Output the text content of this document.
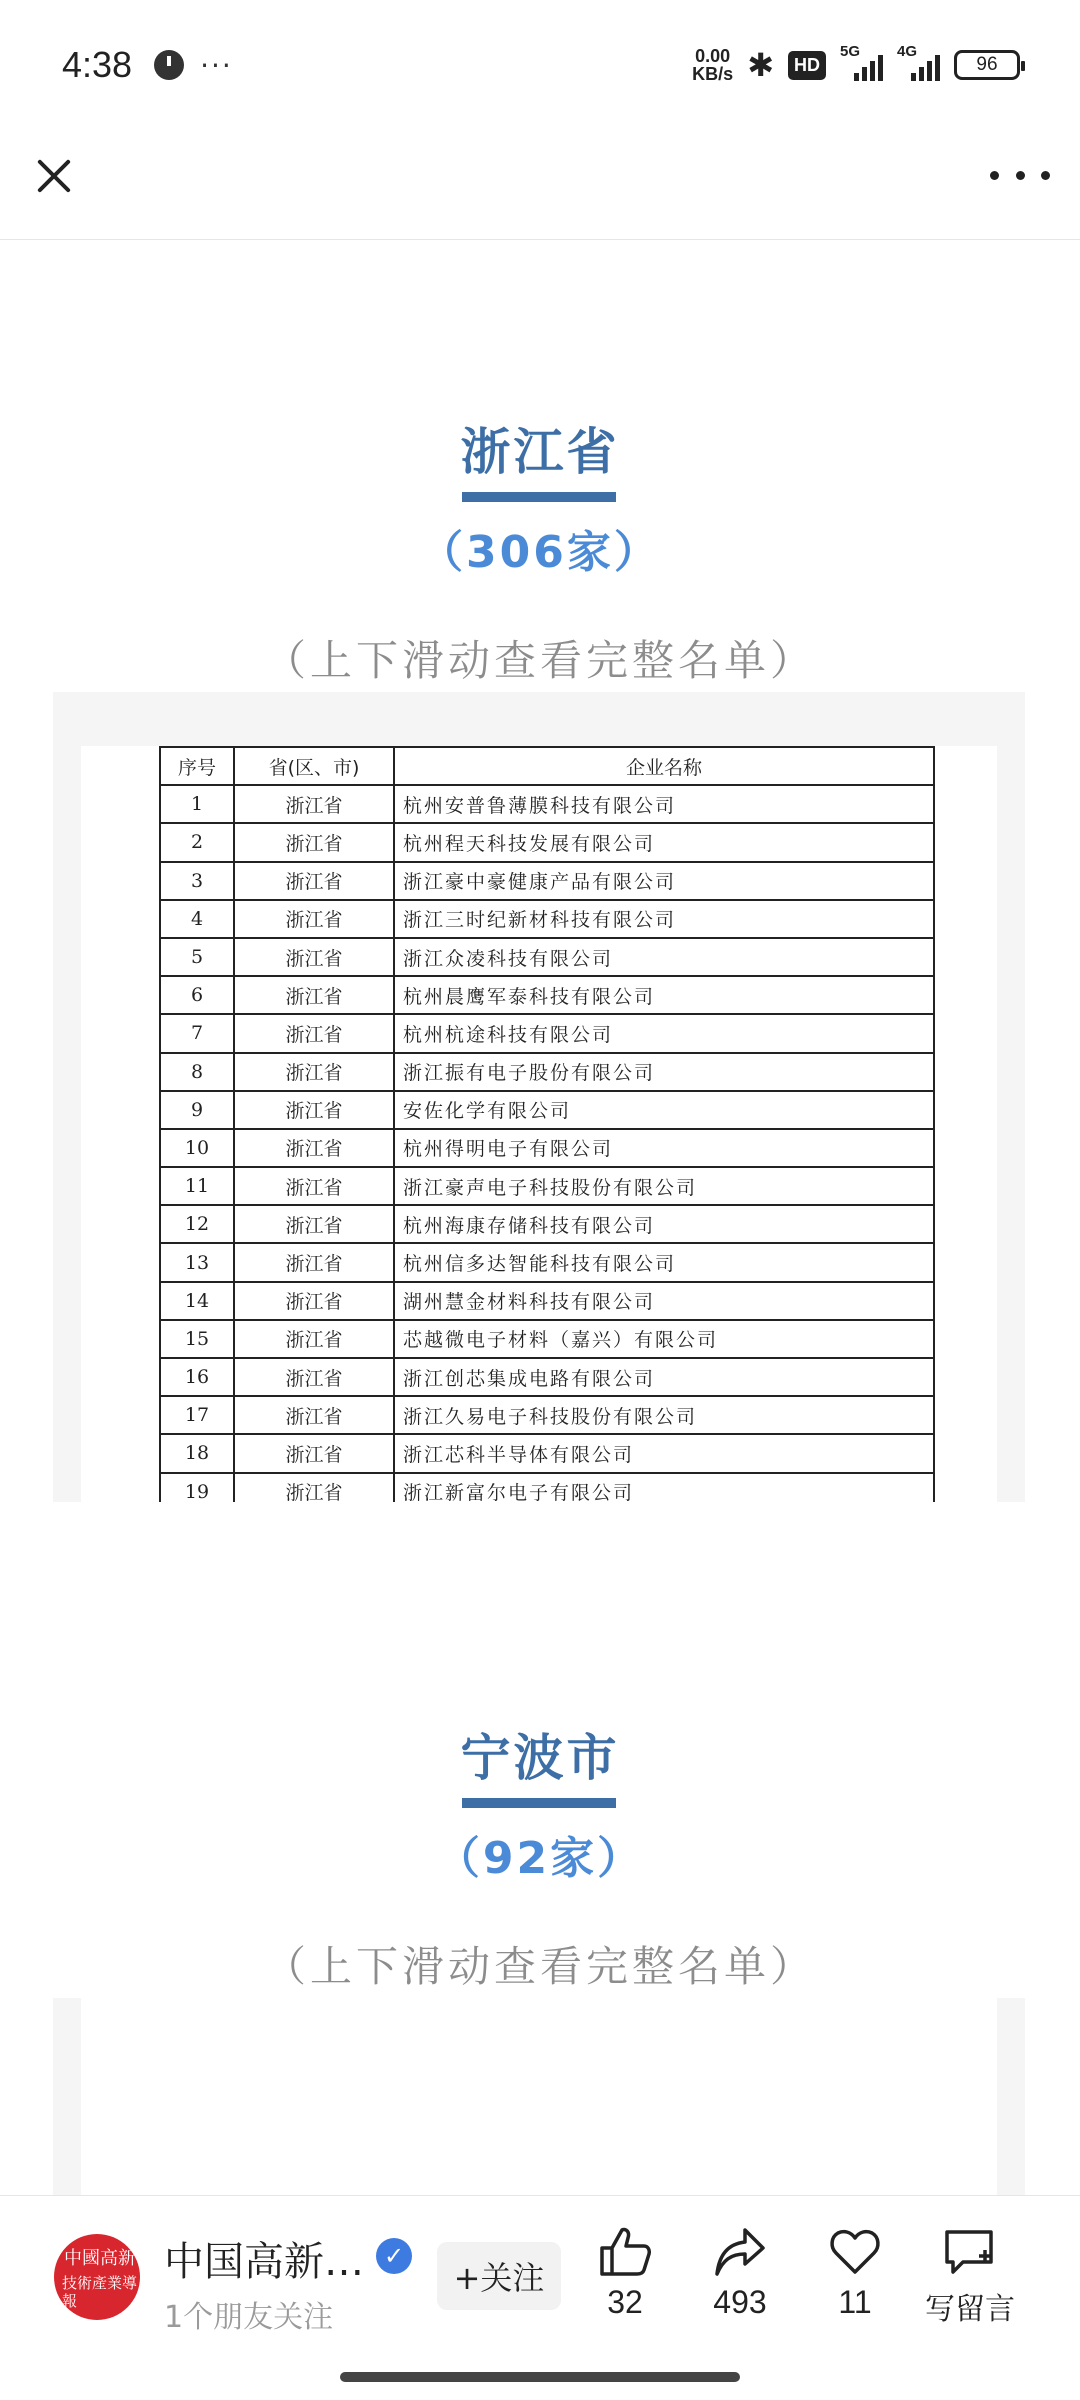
4:38 ···	0.00
KB/s ✱	HD
5G 4G
96
浙江省
（306家）
（上下滑动查看完整名单）
序号	省(区、市)	企业名称
1	浙江省	杭州安普鲁薄膜科技有限公司
2	浙江省	杭州程天科技发展有限公司
3	浙江省	浙江豪中豪健康产品有限公司
4	浙江省	浙江三时纪新材科技有限公司
5	浙江省	浙江众凌科技有限公司
6	浙江省	杭州晨鹰军泰科技有限公司
7	浙江省	杭州杭途科技有限公司
8	浙江省	浙江振有电子股份有限公司
9	浙江省	安佐化学有限公司
10	浙江省	杭州得明电子有限公司
11	浙江省	浙江豪声电子科技股份有限公司
12	浙江省	杭州海康存储科技有限公司
13	浙江省	杭州信多达智能科技有限公司
14	浙江省	湖州慧金材料科技有限公司
15	浙江省	芯越微电子材料（嘉兴）有限公司
16	浙江省	浙江创芯集成电路有限公司
17	浙江省	浙江久易电子科技股份有限公司
18	浙江省	浙江芯科半导体有限公司
19	浙江省	浙江新富尔电子有限公司
宁波市
（92家）
（上下滑动查看完整名单）
中國高新
技術產業導報
中国高新… ✓
1个朋友关注
+关注
32	493	11	写留言
